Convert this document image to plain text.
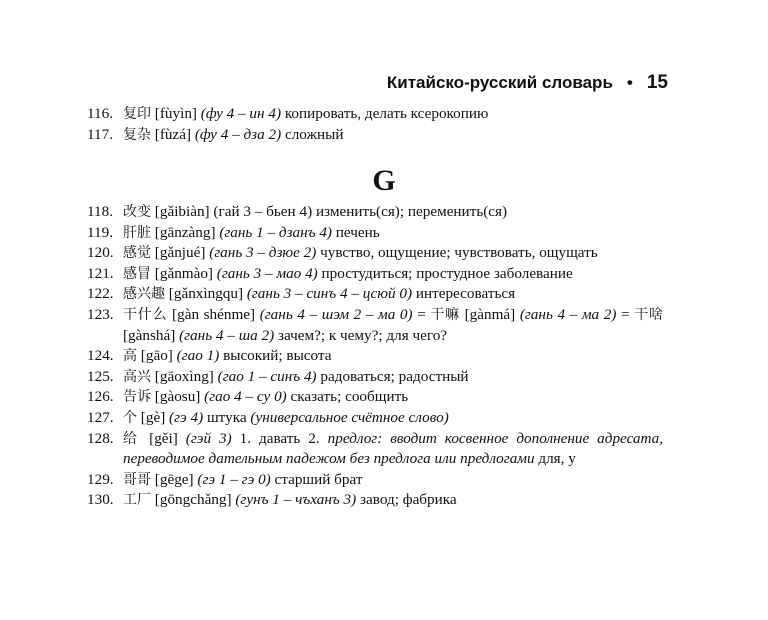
Китайско-русский словарь • 15
116. 复印 [fùyìn] (фу 4 – ин 4) копировать, делать ксерокопию
117. 复杂 [fùzá] (фу 4 – дза 2) сложный
G
118. 改变 [gǎibiàn] (гай 3 – бьен 4) изменить(ся); переменить(ся)
119. 肝脏 [gānzàng] (гань 1 – дзанъ 4) печень
120. 感觉 [gǎnjué] (гань 3 – дзюе 2) чувство, ощущение; чувствовать, ощущать
121. 感冒 [gǎnmào] (гань 3 – мао 4) простудиться; простудное заболевание
122. 感兴趣 [gǎnxìngqu] (гань 3 – синъ 4 – цсюй 0) интересоваться
123. 干什么 [gàn shénme] (гань 4 – шэм 2 – ма 0) = 干嘛 [gànmá] (гань 4 – ма 2) = 干啥 [gànshá] (гань 4 – ша 2) зачем?; к чему?; для чего?
124. 高 [gāo] (гао 1) высокий; высота
125. 高兴 [gāoxìng] (гао 1 – синъ 4) радоваться; радостный
126. 告诉 [gàosu] (гао 4 – су 0) сказать; сообщить
127. 个 [gè] (гэ 4) штука (универсальное счётное слово)
128. 给 [gěi] (гэй 3) 1. давать 2. предлог: вводит косвенное дополнение адресата, переводимое дательным падежом без предлога или предлогами для, у
129. 哥哥 [gēge] (гэ 1 – гэ 0) старший брат
130. 工厂 [gōngchǎng] (гунъ 1 – чъханъ 3) завод; фабрика
